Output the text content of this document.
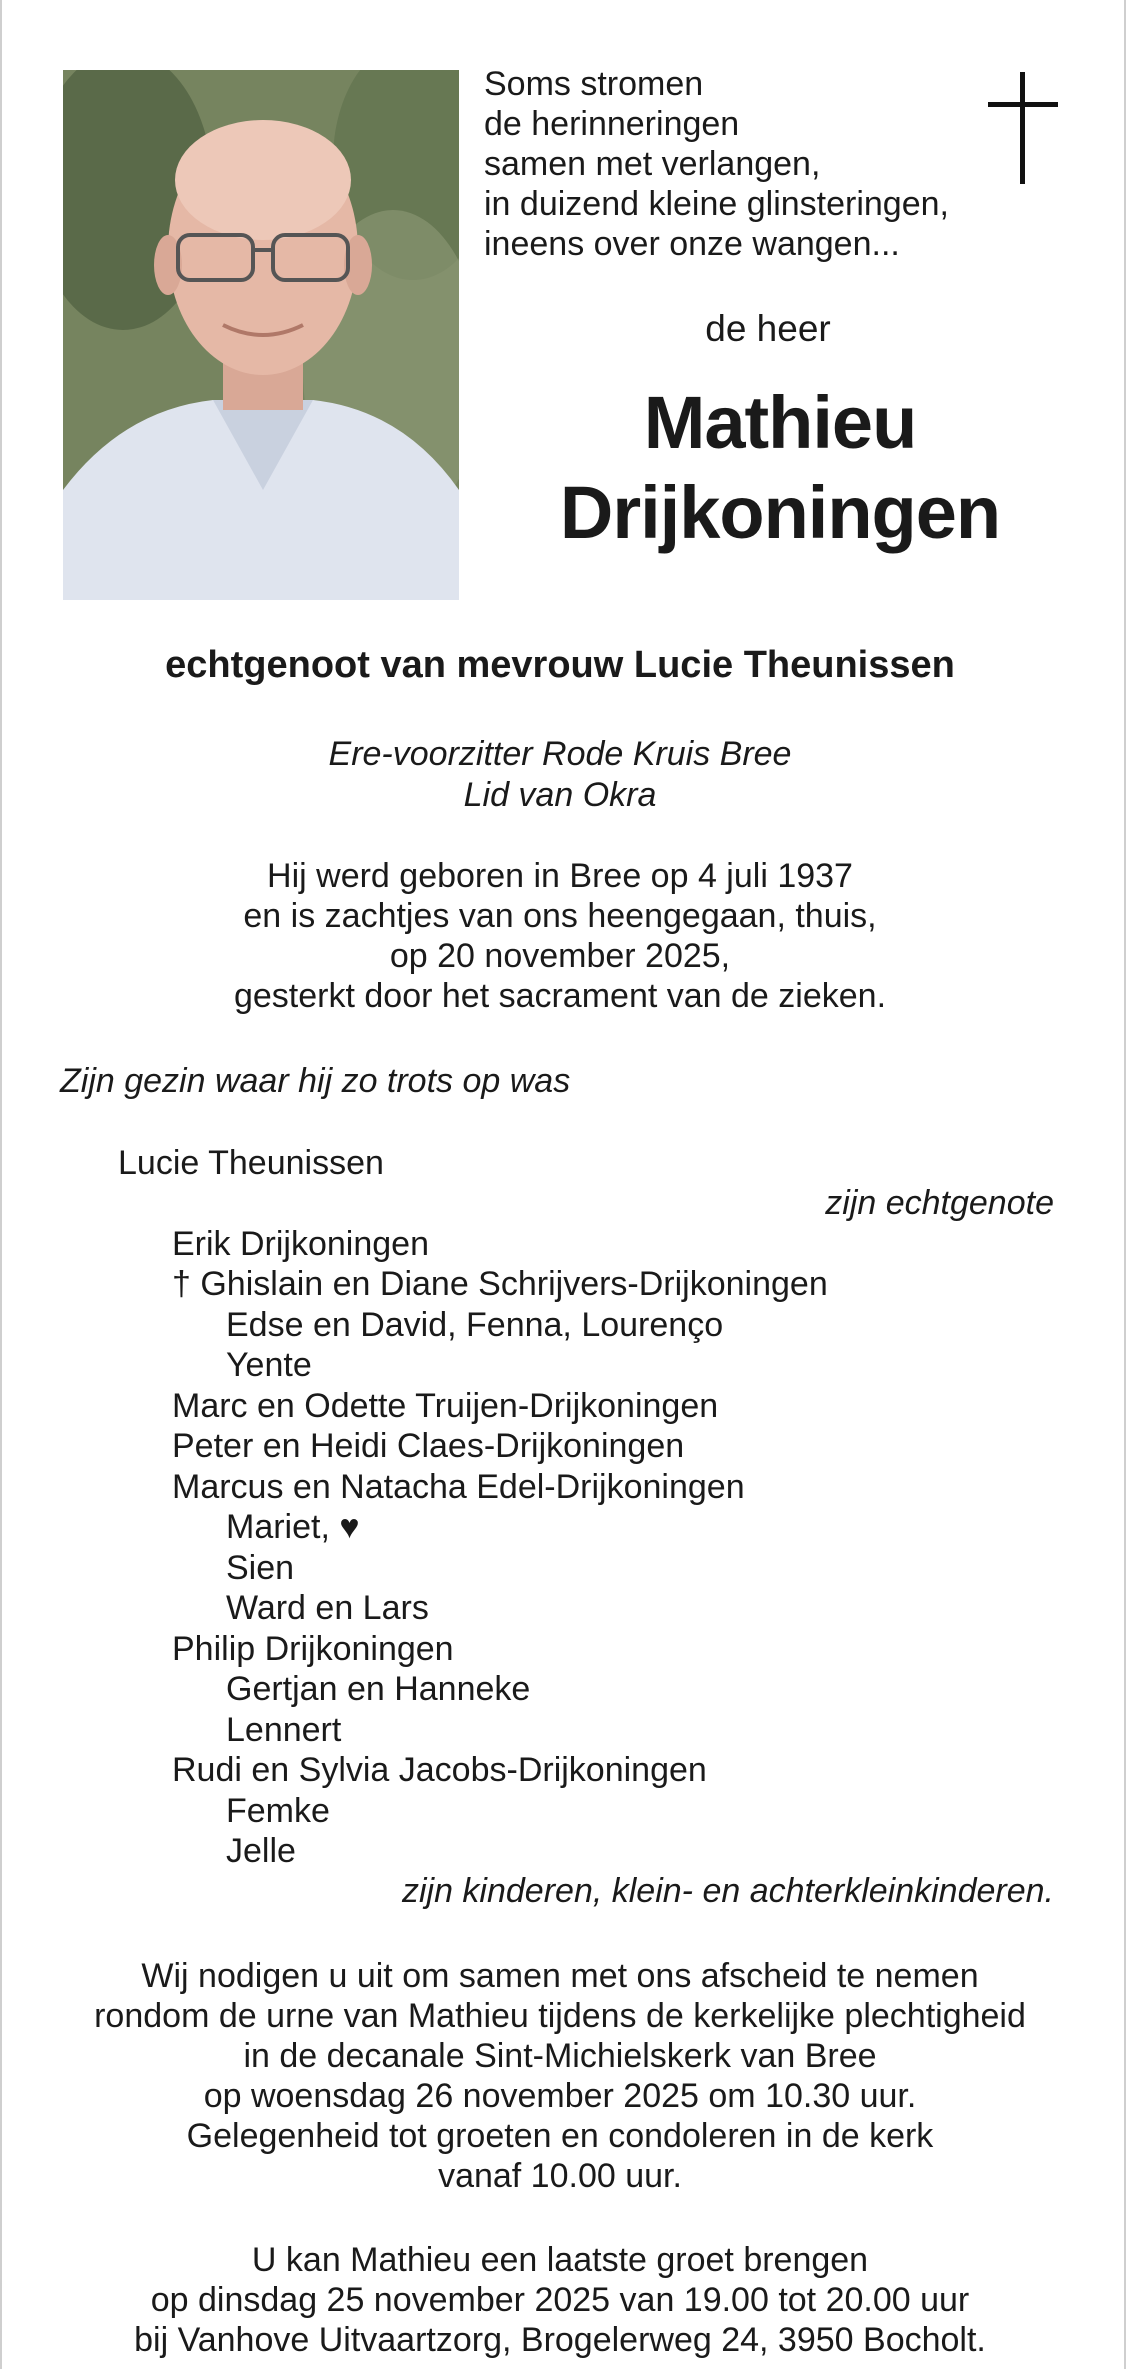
Soms stromen
de herinneringen
samen met verlangen,
in duizend kleine glinsteringen,
ineens over onze wangen...
de heer
Mathieu
Drijkoningen
echtgenoot van mevrouw Lucie Theunissen
Ere-voorzitter Rode Kruis Bree
Lid van Okra
Hij werd geboren in Bree op 4 juli 1937
en is zachtjes van ons heengegaan, thuis,
op 20 november 2025,
gesterkt door het sacrament van de zieken.
Zijn gezin waar hij zo trots op was
Lucie Theunissen
zijn echtgenote
Erik Drijkoningen
† Ghislain en Diane Schrijvers-Drijkoningen
Edse en David, Fenna, Lourenço
Yente
Marc en Odette Truijen-Drijkoningen
Peter en Heidi Claes-Drijkoningen
Marcus en Natacha Edel-Drijkoningen
Mariet, ♥
Sien
Ward en Lars
Philip Drijkoningen
Gertjan en Hanneke
Lennert
Rudi en Sylvia Jacobs-Drijkoningen
Femke
Jelle
zijn kinderen, klein- en achterkleinkinderen.
Wij nodigen u uit om samen met ons afscheid te nemen
rondom de urne van Mathieu tijdens de kerkelijke plechtigheid
in de decanale Sint-Michielskerk van Bree
op woensdag 26 november 2025 om 10.30 uur.
Gelegenheid tot groeten en condoleren in de kerk
vanaf 10.00 uur.
U kan Mathieu een laatste groet brengen
op dinsdag 25 november 2025 van 19.00 tot 20.00 uur
bij Vanhove Uitvaartzorg, Brogelerweg 24, 3950 Bocholt.
